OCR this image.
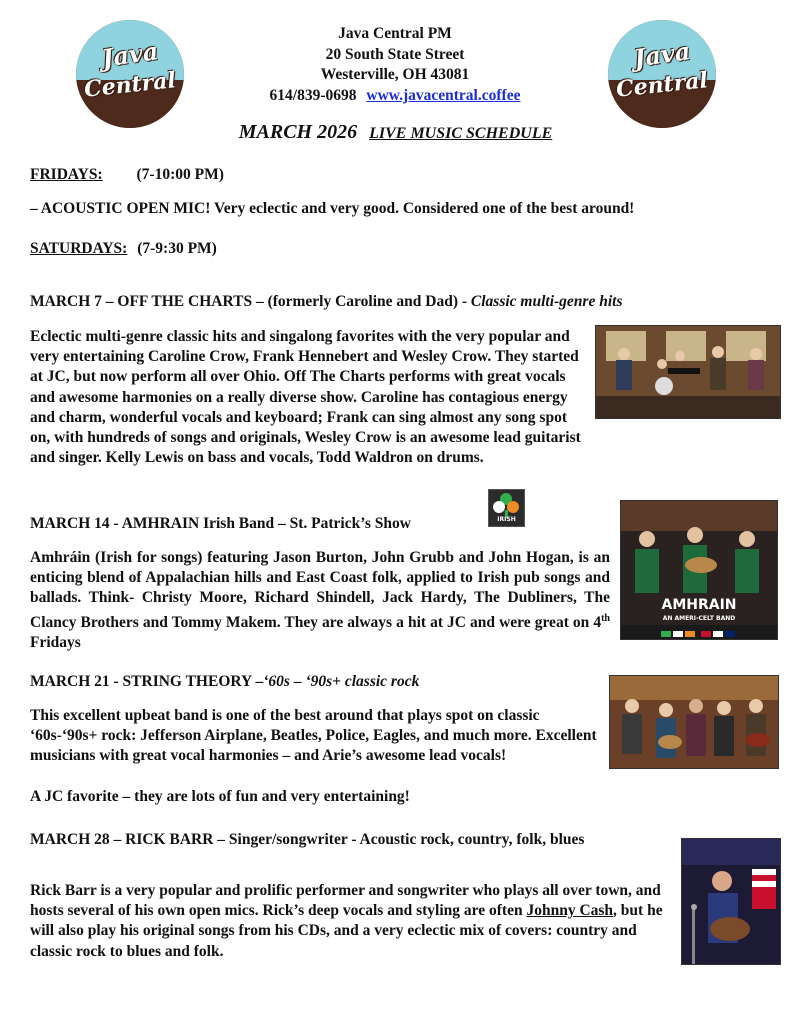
Java
Central
Java
Central
Java Central PM
20 South State Street
Westerville, OH 43081
614/839-0698 www.javacentral.coffee
MARCH 2026 LIVE MUSIC SCHEDULE
FRIDAYS: (7-10:00 PM)
– ACOUSTIC OPEN MIC! Very eclectic and very good. Considered one of the best around!
SATURDAYS: (7-9:30 PM)
MARCH 7 – OFF THE CHARTS – (formerly Caroline and Dad) - Classic multi-genre hits
Eclectic multi-genre classic hits and singalong favorites with the very popular and very entertaining Caroline Crow, Frank Hennebert and Wesley Crow. They started at JC, but now perform all over Ohio. Off The Charts performs with great vocals and awesome harmonies on a really diverse show. Caroline has contagious energy and charm, wonderful vocals and keyboard; Frank can sing almost any song spot on, with hundreds of songs and originals, Wesley Crow is an awesome lead guitarist and singer. Kelly Lewis on bass and vocals, Todd Waldron on drums.
MARCH 14 - AMHRAIN Irish Band – St. Patrick’s Show	IRISH
AMHRAIN
AN AMERI-CELT BAND
Amhráin (Irish for songs) featuring Jason Burton, John Grubb and John Hogan, is an enticing blend of Appalachian hills and East Coast folk, applied to Irish pub songs and ballads. Think- Christy Moore, Richard Shindell, Jack Hardy, The Dubliners, The Clancy Brothers and Tommy Makem. They are always a hit at JC and were great on 4th Fridays
MARCH 21 - STRING THEORY –‘60s – ‘90s+ classic rock
This excellent upbeat band is one of the best around that plays spot on classic ‘60s-‘90s+ rock: Jefferson Airplane, Beatles, Police, Eagles, and much more. Excellent musicians with great vocal harmonies – and Arie’s awesome lead vocals!
A JC favorite – they are lots of fun and very entertaining!
MARCH 28 – RICK BARR – Singer/songwriter - Acoustic rock, country, folk, blues
Rick Barr is a very popular and prolific performer and songwriter who plays all over town, and hosts several of his own open mics. Rick’s deep vocals and styling are often Johnny Cash, but he will also play his original songs from his CDs, and a very eclectic mix of covers: country and classic rock to blues and folk.
